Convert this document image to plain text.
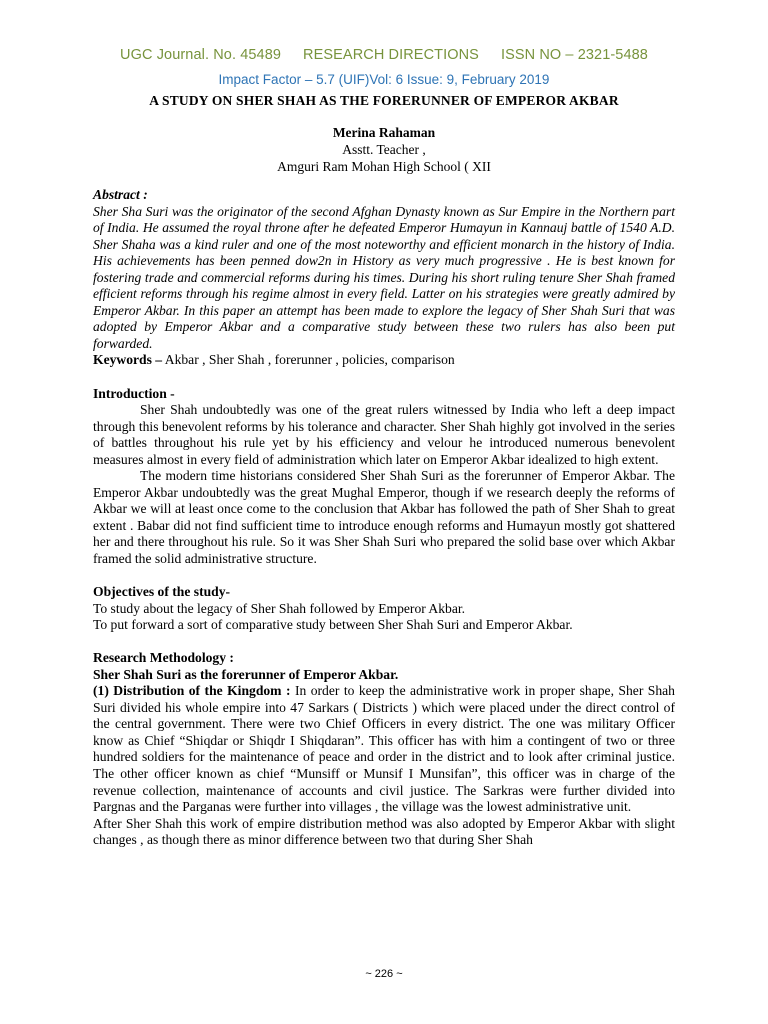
UGC Journal. No. 45489 RESEARCH DIRECTIONS ISSN NO – 2321-5488
Impact Factor – 5.7 (UIF)Vol: 6 Issue: 9, February 2019
A STUDY ON SHER SHAH AS THE FORERUNNER OF EMPEROR AKBAR
Merina Rahaman
Asstt. Teacher ,
Amguri Ram Mohan High School ( XII

Abstract :

Sher Sha Suri was the originator of the second Afghan Dynasty known as Sur Empire in the Northern part of India. He assumed the royal throne after he defeated Emperor Humayun in Kannauj battle of 1540 A.D. Sher Shaha was a kind ruler and one of the most noteworthy and efficient monarch in the history of India. His achievements has been penned dow2n in History as very much progressive . He is best known for fostering trade and commercial reforms during his times. During his short ruling tenure Sher Shah framed efficient reforms through his regime almost in every field. Latter on his strategies were greatly admired by Emperor Akbar. In this paper an attempt has been made to explore the legacy of Sher Shah Suri that was adopted by Emperor Akbar and a comparative study between these two rulers has also been put forwarded.

Keywords – Akbar , Sher Shah , forerunner , policies, comparison

Introduction -

Sher Shah undoubtedly was one of the great rulers witnessed by India who left a deep impact through this benevolent reforms by his tolerance and character. Sher Shah highly got involved in the series of battles throughout his rule yet by his efficiency and velour he introduced numerous benevolent measures almost in every field of administration which later on Emperor Akbar idealized to high extent.

The modern time historians considered Sher Shah Suri as the forerunner of Emperor Akbar. The Emperor Akbar undoubtedly was the great Mughal Emperor, though if we research deeply the reforms of Akbar we will at least once come to the conclusion that Akbar has followed the path of Sher Shah to great extent . Babar did not find sufficient time to introduce enough reforms and Humayun mostly got shattered her and there throughout his rule. So it was Sher Shah Suri who prepared the solid base over which Akbar framed the solid administrative structure.

Objectives of the study-

To study about the legacy of Sher Shah followed by Emperor Akbar.

To put forward a sort of comparative study between Sher Shah Suri and Emperor Akbar.

Research Methodology :

Sher Shah Suri as the forerunner of Emperor Akbar.

(1) Distribution of the Kingdom : In order to keep the administrative work in proper shape, Sher Shah Suri divided his whole empire into 47 Sarkars ( Districts ) which were placed under the direct control of the central government. There were two Chief Officers in every district. The one was military Officer know as Chief “Shiqdar or Shiqdr I Shiqdaran”. This officer has with him a contingent of two or three hundred soldiers for the maintenance of peace and order in the district and to look after criminal justice. The other officer known as chief “Munsiff or Munsif I Munsifan”, this officer was in charge of the revenue collection, maintenance of accounts and civil justice. The Sarkras were further divided into Pargnas and the Parganas were further into villages , the village was the lowest administrative unit.

After Sher Shah this work of empire distribution method was also adopted by Emperor Akbar with slight changes , as though there as minor difference between two that during Sher Shah

~ 226 ~
